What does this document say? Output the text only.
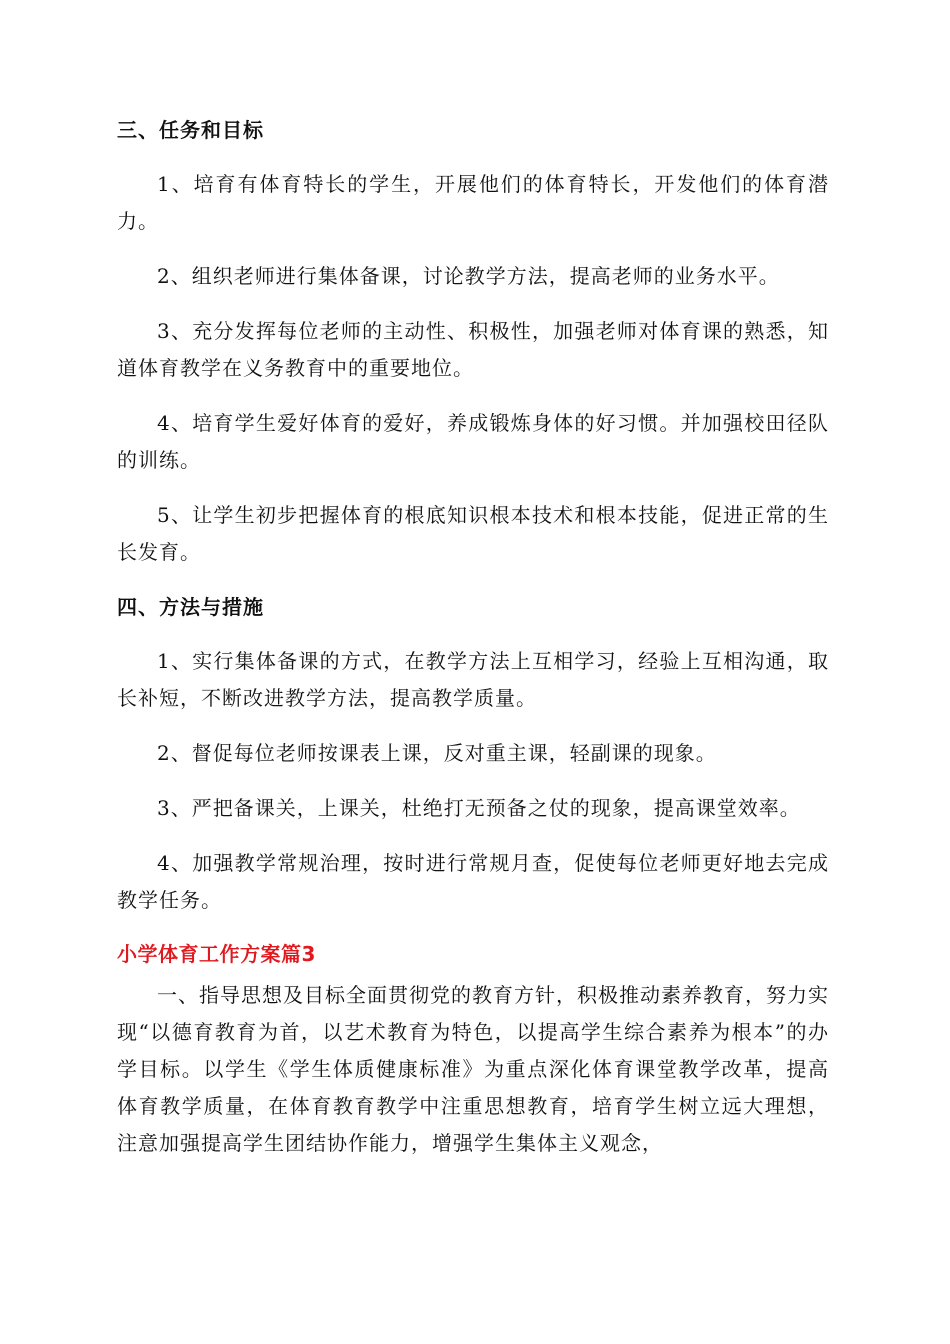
三、任务和目标

1、培育有体育特长的学生，开展他们的体育特长，开发他们的体育潜力。

2、组织老师进行集体备课，讨论教学方法，提高老师的业务水平。

3、充分发挥每位老师的主动性、积极性，加强老师对体育课的熟悉，知道体育教学在义务教育中的重要地位。

4、培育学生爱好体育的爱好，养成锻炼身体的好习惯。并加强校田径队的训练。

5、让学生初步把握体育的根底知识根本技术和根本技能，促进正常的生长发育。

四、方法与措施

1、实行集体备课的方式，在教学方法上互相学习，经验上互相沟通，取长补短，不断改进教学方法，提高教学质量。

2、督促每位老师按课表上课，反对重主课，轻副课的现象。

3、严把备课关，上课关，杜绝打无预备之仗的现象，提高课堂效率。

4、加强教学常规治理，按时进行常规月查，促使每位老师更好地去完成教学任务。

小学体育工作方案篇3

一、指导思想及目标全面贯彻党的教育方针，积极推动素养教育，努力实现“以德育教育为首，以艺术教育为特色，以提高学生综合素养为根本”的办学目标。以学生《学生体质健康标准》为重点深化体育课堂教学改革，提高体育教学质量，在体育教育教学中注重思想教育，培育学生树立远大理想，注意加强提高学生团结协作能力，增强学生集体主义观念，
